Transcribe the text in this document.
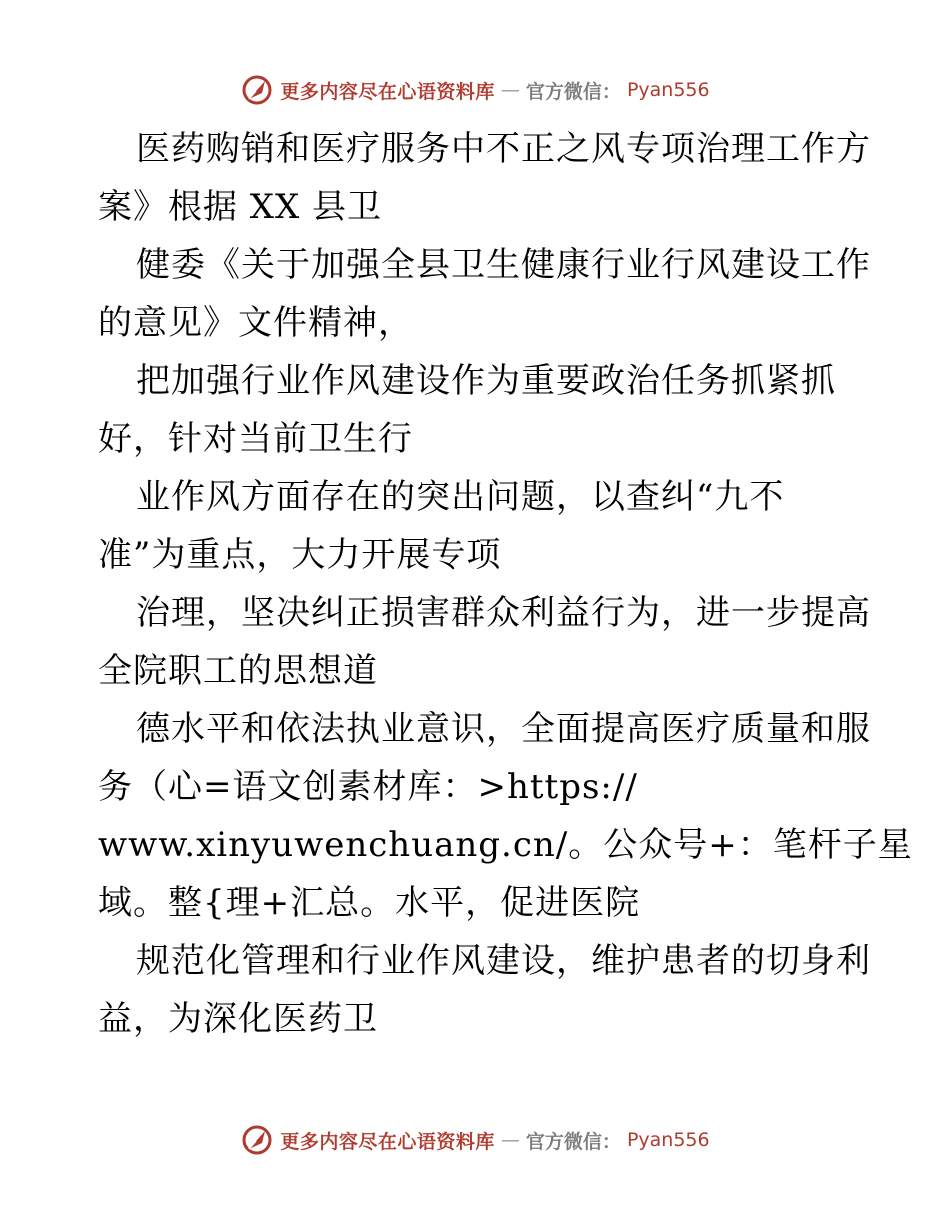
更多内容尽在心语资料库 — 官方微信： Pyan556
医药购销和医疗服务中不正之风专项治理工作方
案》根据 XX 县卫
健委《关于加强全县卫生健康行业行风建设工作
的意见》文件精神，
把加强行业作风建设作为重要政治任务抓紧抓
好，针对当前卫生行
业作风方面存在的突出问题，以查纠“九不
准”为重点，大力开展专项
治理，坚决纠正损害群众利益行为，进一步提高
全院职工的思想道
德水平和依法执业意识，全面提高医疗质量和服
务（心=语文创素材库：>https://
www.xinyuwenchuang.cn/。公众号+：笔杆子星
域。整{理+汇总。水平，促进医院
规范化管理和行业作风建设，维护患者的切身利
益，为深化医药卫
更多内容尽在心语资料库 — 官方微信： Pyan556
